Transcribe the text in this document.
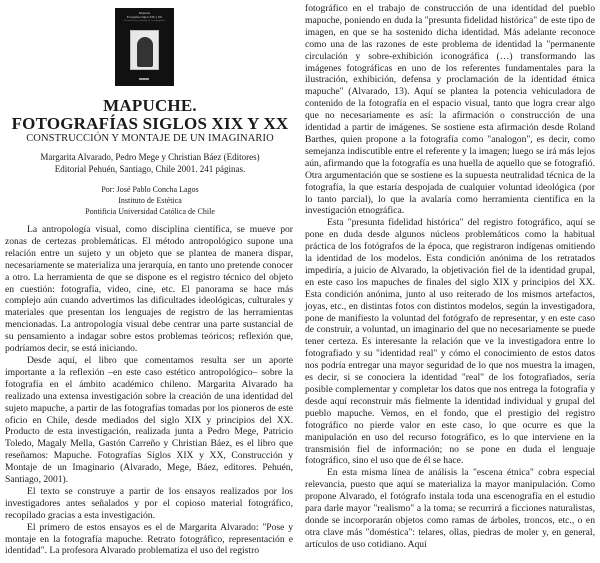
Mapuche
Fotografías Siglos XIX y XX
Construcción y montaje de un imaginario
MAPUCHE.
FOTOGRAFÍAS SIGLOS XIX Y XX
CONSTRUCCIÓN Y MONTAJE DE UN IMAGINARIO
Margarita Alvarado, Pedro Mege y Christian Báez (Editores)
Editorial Pehuén, Santiago, Chile 2001. 241 páginas.
Por: José Pablo Concha Lagos
Instituto de Estética
Pontificia Universidad Católica de Chile

La antropología visual, como disciplina científica, se mueve por zonas de certezas problemáticas. El método antropológico supone una relación entre un sujeto y un objeto que se plantea de manera dispar, necesariamente se materializa una jerarquía, en tanto uno pretende conocer a otro. La herramienta de que se dispone es el registro técnico del objeto en cuestión: fotografía, video, cine, etc. El panorama se hace más complejo aún cuando advertimos las dificultades ideológicas, culturales y materiales que presentan los lenguajes de registro de las herramientas mencionadas. La antropología visual debe centrar una parte sustancial de su pensamiento a indagar sobre estos problemas teóricos; reflexión que, podríamos decir, se está iniciando.

Desde aquí, el libro que comentamos resulta ser un aporte importante a la reflexión –en este caso estético antropológico– sobre la fotografía en el ámbito académico chileno. Margarita Alvarado ha realizado una extensa investigación sobre la creación de una identidad del sujeto mapuche, a partir de las fotografías tomadas por los pioneros de este oficio en Chile, desde mediados del siglo XIX y principios del XX. Producto de esta investigación, realizada junta a Pedro Mege, Patricio Toledo, Magaly Mella, Gastón Carreño y Christian Báez, es el libro que reseñamos: Mapuche. Fotografías Siglos XIX y XX, Construcción y Montaje de un Imaginario (Alvarado, Mege, Báez, editores. Pehuén, Santiago, 2001).

El texto se construye a partir de los ensayos realizados por los investigadores antes señalados y por el copioso material fotográfico, recopilado gracias a esta investigación.

El primero de estos ensayos es el de Margarita Alvarado: "Pose y montaje en la fotografía mapuche. Retrato fotográfico, representación e identidad". La profesora Alvarado problematiza el uso del registro

fotográfico en el trabajo de construcción de una identidad del pueblo mapuche, poniendo en duda la "presunta fidelidad histórica" de este tipo de imagen, en que se ha sostenido dicha identidad. Más adelante reconoce como una de las razones de este problema de identidad la "permanente circulación y sobre-exhibición iconográfica (…) transformando las imágenes fotográficas en uno de los referentes fundamentales para la ilustración, exhibición, defensa y proclamación de la identidad étnica mapuche" (Alvarado, 13). Aquí se plantea la potencia vehiculadora de contenido de la fotografía en el espacio visual, tanto que logra crear algo que no necesariamente es así: la afirmación o construcción de una identidad a partir de imágenes. Se sostiene esta afirmación desde Roland Barthes, quien propone a la fotografía como "analogon", es decir, como semejanza indiscutible entre el referente y la imagen; luego se irá más lejos aún, afirmando que la fotografía es una huella de aquello que se fotografió. Otra argumentación que se sostiene es la supuesta neutralidad técnica de la fotografía, la que estaría despojada de cualquier voluntad ideológica (por lo tanto parcial), lo que la avalaría como herramienta científica en la investigación etnográfica.

Esta "presunta fidelidad histórica" del registro fotográfico, aquí se pone en duda desde algunos núcleos problemáticos como la habitual práctica de los fotógrafos de la época, que registraron indígenas omitiendo la identidad de los modelos. Esta condición anónima de los retratados impediría, a juicio de Alvarado, la objetivación fiel de la identidad grupal, en este caso los mapuches de finales del siglo XIX y principios del XX. Esta condición anónima, junto al uso reiterado de los mismos artefactos, joyas, etc., en distintas fotos con distintos modelos, según la investigadora, pone de manifiesto la voluntad del fotógrafo de representar, y en este caso de construir, a voluntad, un imaginario del que no necesariamente se puede tener certeza. Es interesante la relación que ve la investigadora entre lo fotografiado y su "identidad real" y cómo el conocimiento de estos datos nos podría entregar una mayor seguridad de lo que nos muestra la imagen, es decir, si se conociera la identidad "real" de los fotografiados, sería posible complementar y completar los datos que nos entrega la fotografía y desde aquí reconstruir más fielmente la identidad individual y grupal del pueblo mapuche. Vemos, en el fondo, que el prestigio del registro fotográfico no pierde valor en este caso, lo que ocurre es que la manipulación en uso del recurso fotográfico, es lo que interviene en la transmisión fiel de información; no se pone en duda el lenguaje fotográfico, sino el uso que de él se hace.

En esta misma línea de análisis la "escena étnica" cobra especial relevancia, puesto que aquí se materializa la mayor manipulación. Como propone Alvarado, el fotógrafo instala toda una escenografía en el estudio para darle mayor "realismo" a la toma; se recurrirá a ficciones naturalistas, donde se incorporarán objetos como ramas de árboles, troncos, etc., o en otra clave más "doméstica": telares, ollas, piedras de moler y, en general, artículos de uso cotidiano. Aquí
